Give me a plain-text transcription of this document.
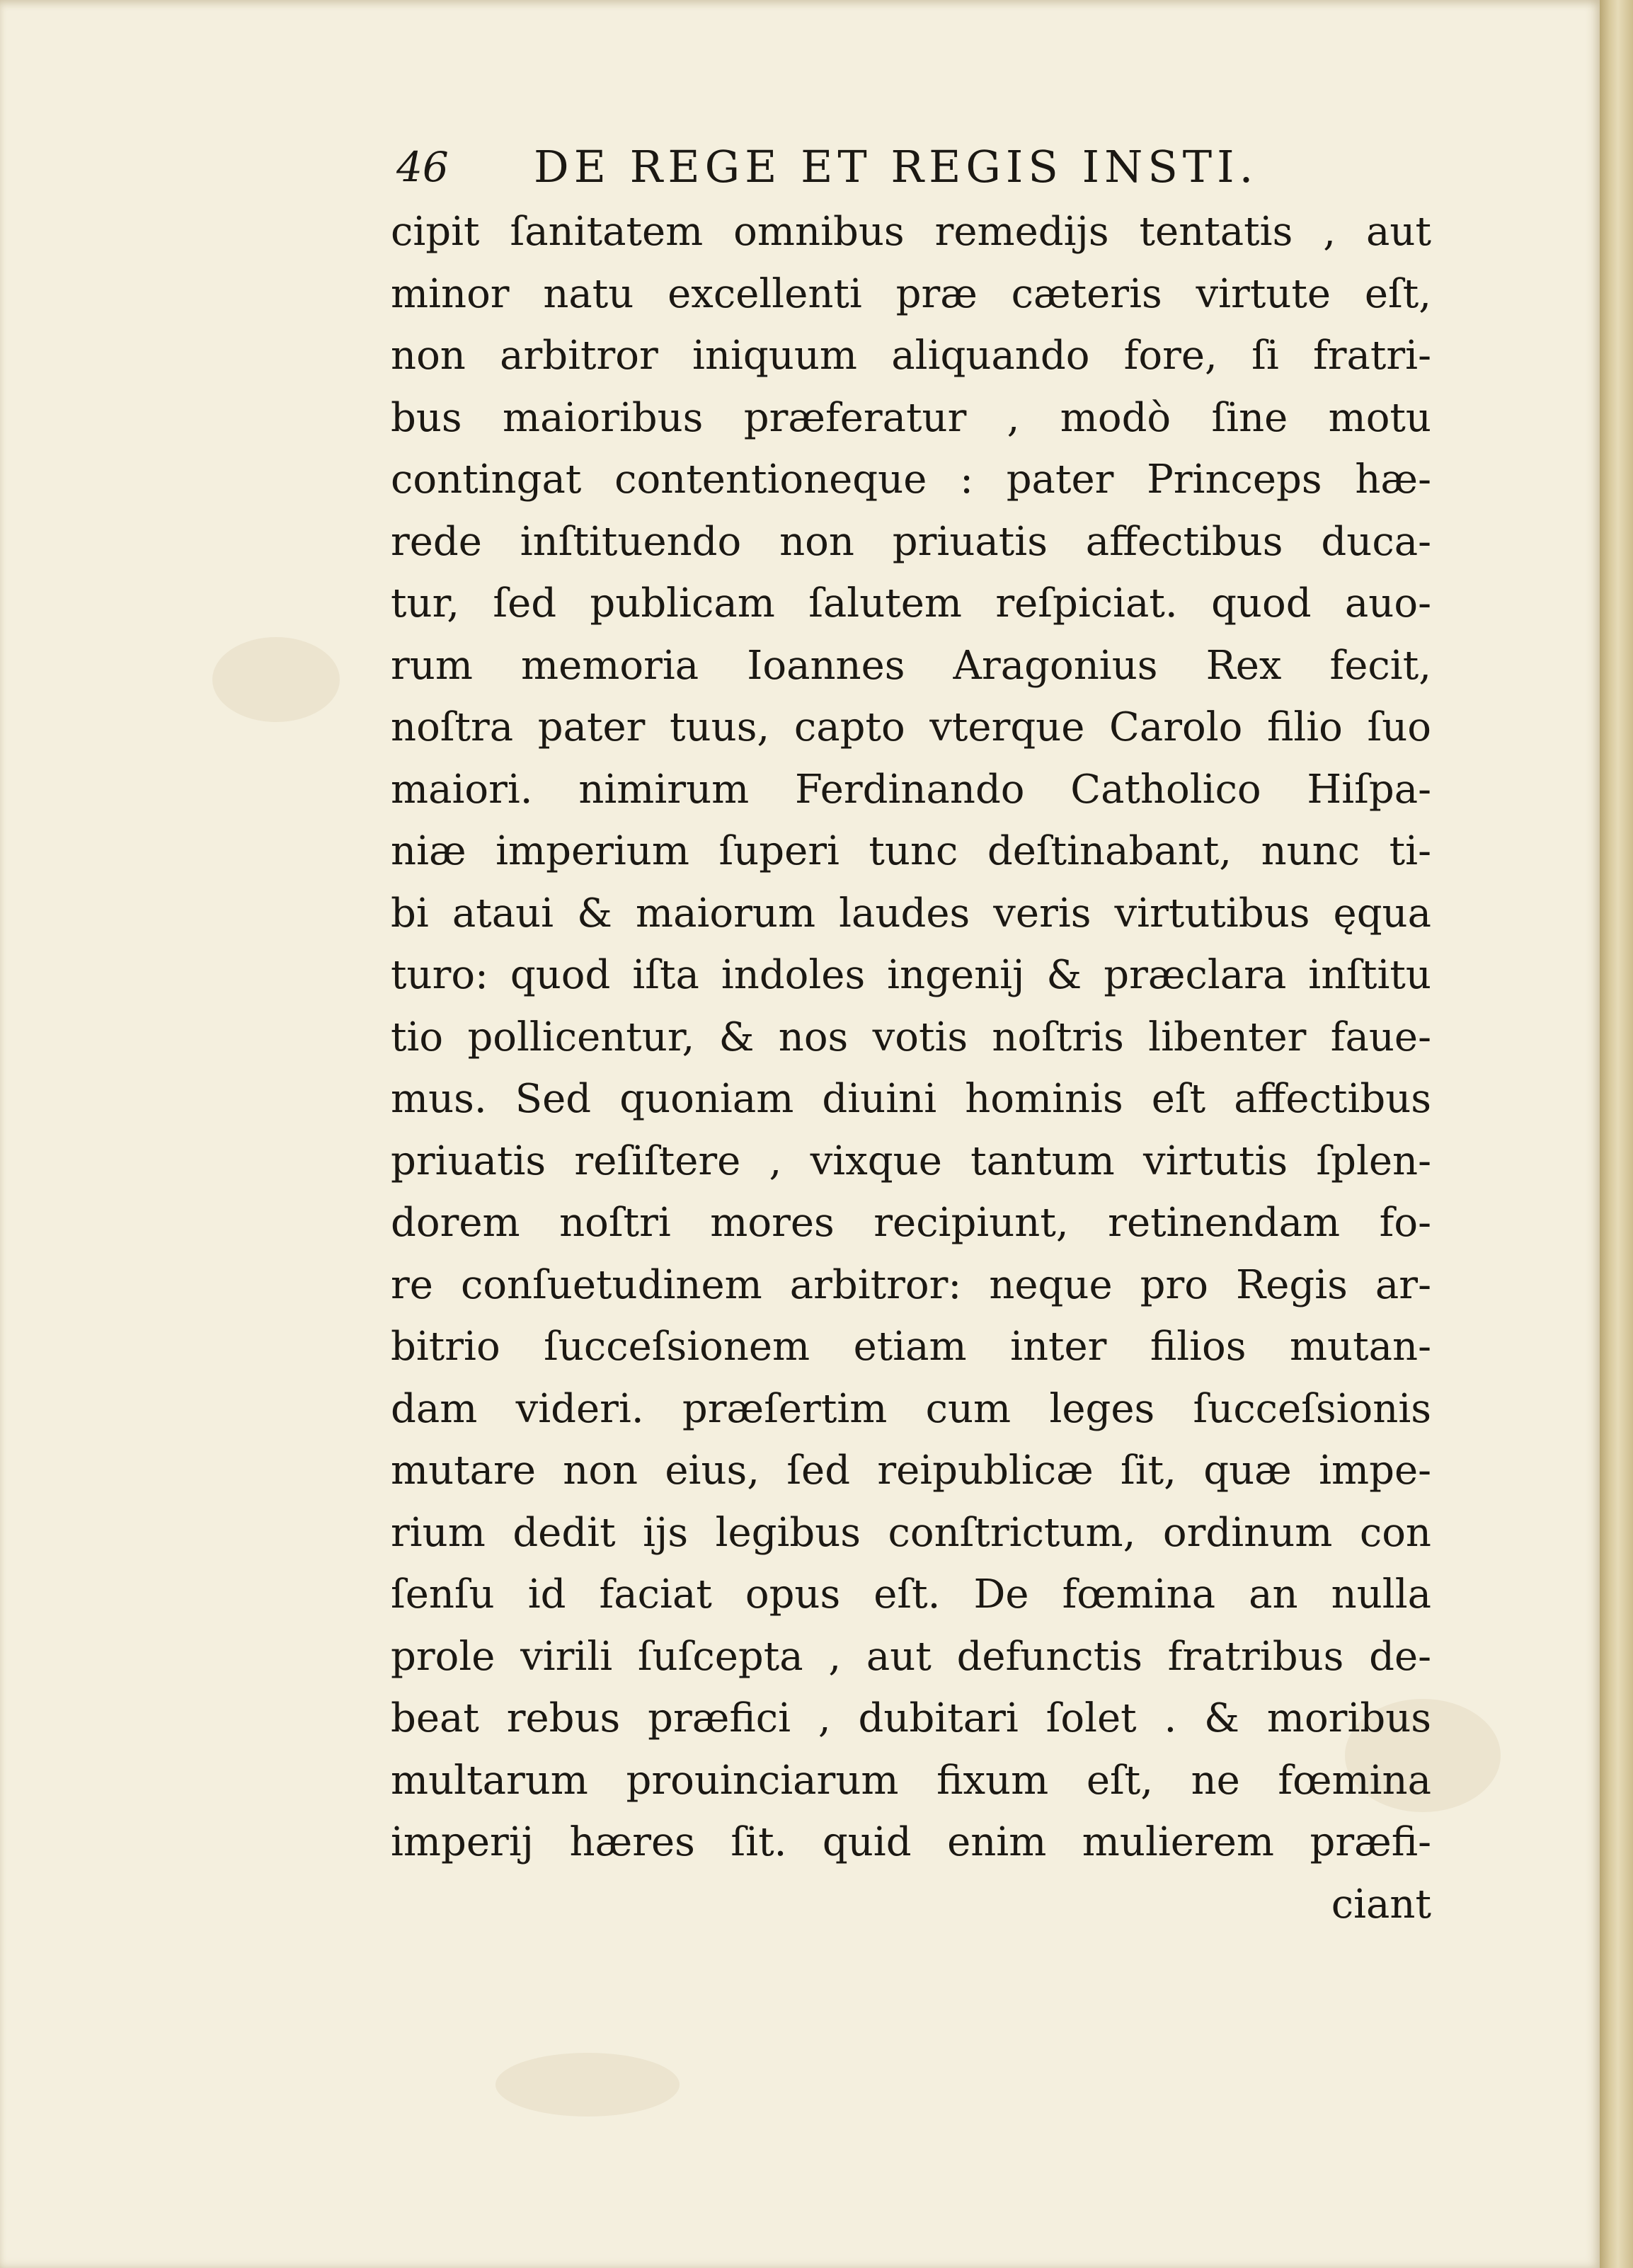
46 DE REGE ET REGIS INSTI.
cipit ſanitatem omnibus remedijs tentatis , aut
minor natu excellenti præ cæteris virtute eſt,
non arbitror iniquum aliquando fore, ſi fratri-
bus maioribus præferatur , modò ſine motu
contingat contentioneque : pater Princeps hæ-
rede inſtituendo non priuatis affectibus duca-
tur, ſed publicam ſalutem reſpiciat. quod auo-
rum memoria Ioannes Aragonius Rex fecit,
noſtra pater tuus, capto vterque Carolo filio ſuo
maiori. nimirum Ferdinando Catholico Hiſpa-
niæ imperium ſuperi tunc deſtinabant, nunc ti-
bi ataui & maiorum laudes veris virtutibus ęqua
turo: quod iſta indoles ingenij & præclara inſtitu
tio pollicentur, & nos votis noſtris libenter faue-
mus. Sed quoniam diuini hominis eſt affectibus
priuatis reſiſtere , vixque tantum virtutis ſplen-
dorem noſtri mores recipiunt, retinendam fo-
re conſuetudinem arbitror: neque pro Regis ar-
bitrio ſucceſsionem etiam inter filios mutan-
dam videri. præſertim cum leges ſucceſsionis
mutare non eius, ſed reipublicæ ſit, quæ impe-
rium dedit ijs legibus conſtrictum, ordinum con
ſenſu id faciat opus eſt. De fœmina an nulla
prole virili ſuſcepta , aut defunctis fratribus de-
beat rebus præfici , dubitari ſolet . & moribus
multarum prouinciarum fixum eſt, ne fœmina
imperij hæres ſit. quid enim mulierem præfi-
ciant
